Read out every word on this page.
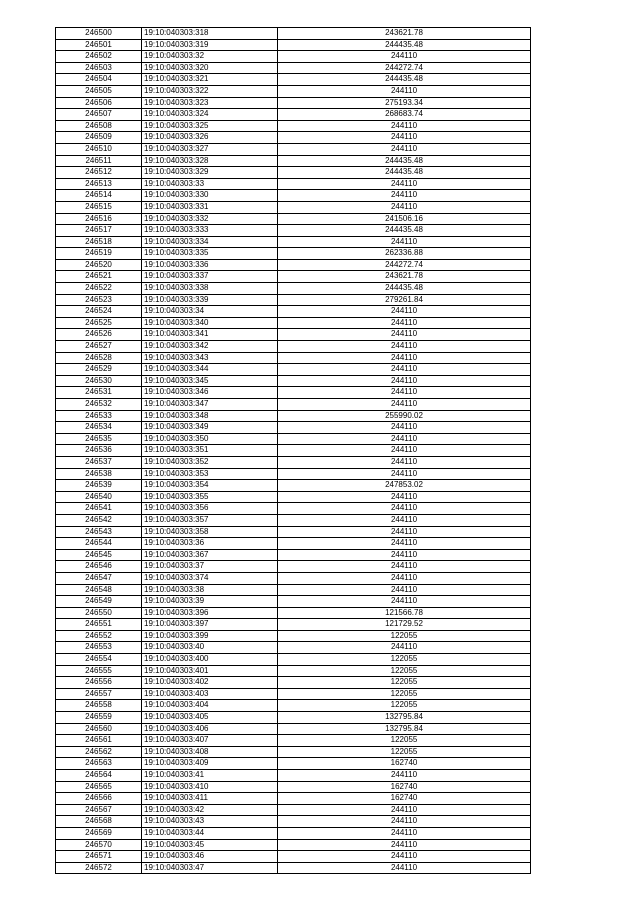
246500	19:10:040303:318	243621.78
246501	19:10:040303:319	244435.48
246502	19:10:040303:32	244110
246503	19:10:040303:320	244272.74
246504	19:10:040303:321	244435.48
246505	19:10:040303:322	244110
246506	19:10:040303:323	275193.34
246507	19:10:040303:324	268683.74
246508	19:10:040303:325	244110
246509	19:10:040303:326	244110
246510	19:10:040303:327	244110
246511	19:10:040303:328	244435.48
246512	19:10:040303:329	244435.48
246513	19:10:040303:33	244110
246514	19:10:040303:330	244110
246515	19:10:040303:331	244110
246516	19:10:040303:332	241506.16
246517	19:10:040303:333	244435.48
246518	19:10:040303:334	244110
246519	19:10:040303:335	262336.88
246520	19:10:040303:336	244272.74
246521	19:10:040303:337	243621.78
246522	19:10:040303:338	244435.48
246523	19:10:040303:339	279261.84
246524	19:10:040303:34	244110
246525	19:10:040303:340	244110
246526	19:10:040303:341	244110
246527	19:10:040303:342	244110
246528	19:10:040303:343	244110
246529	19:10:040303:344	244110
246530	19:10:040303:345	244110
246531	19:10:040303:346	244110
246532	19:10:040303:347	244110
246533	19:10:040303:348	255990.02
246534	19:10:040303:349	244110
246535	19:10:040303:350	244110
246536	19:10:040303:351	244110
246537	19:10:040303:352	244110
246538	19:10:040303:353	244110
246539	19:10:040303:354	247853.02
246540	19:10:040303:355	244110
246541	19:10:040303:356	244110
246542	19:10:040303:357	244110
246543	19:10:040303:358	244110
246544	19:10:040303:36	244110
246545	19:10:040303:367	244110
246546	19:10:040303:37	244110
246547	19:10:040303:374	244110
246548	19:10:040303:38	244110
246549	19:10:040303:39	244110
246550	19:10:040303:396	121566.78
246551	19:10:040303:397	121729.52
246552	19:10:040303:399	122055
246553	19:10:040303:40	244110
246554	19:10:040303:400	122055
246555	19:10:040303:401	122055
246556	19:10:040303:402	122055
246557	19:10:040303:403	122055
246558	19:10:040303:404	122055
246559	19:10:040303:405	132795.84
246560	19:10:040303:406	132795.84
246561	19:10:040303:407	122055
246562	19:10:040303:408	122055
246563	19:10:040303:409	162740
246564	19:10:040303:41	244110
246565	19:10:040303:410	162740
246566	19:10:040303:411	162740
246567	19:10:040303:42	244110
246568	19:10:040303:43	244110
246569	19:10:040303:44	244110
246570	19:10:040303:45	244110
246571	19:10:040303:46	244110
246572	19:10:040303:47	244110
